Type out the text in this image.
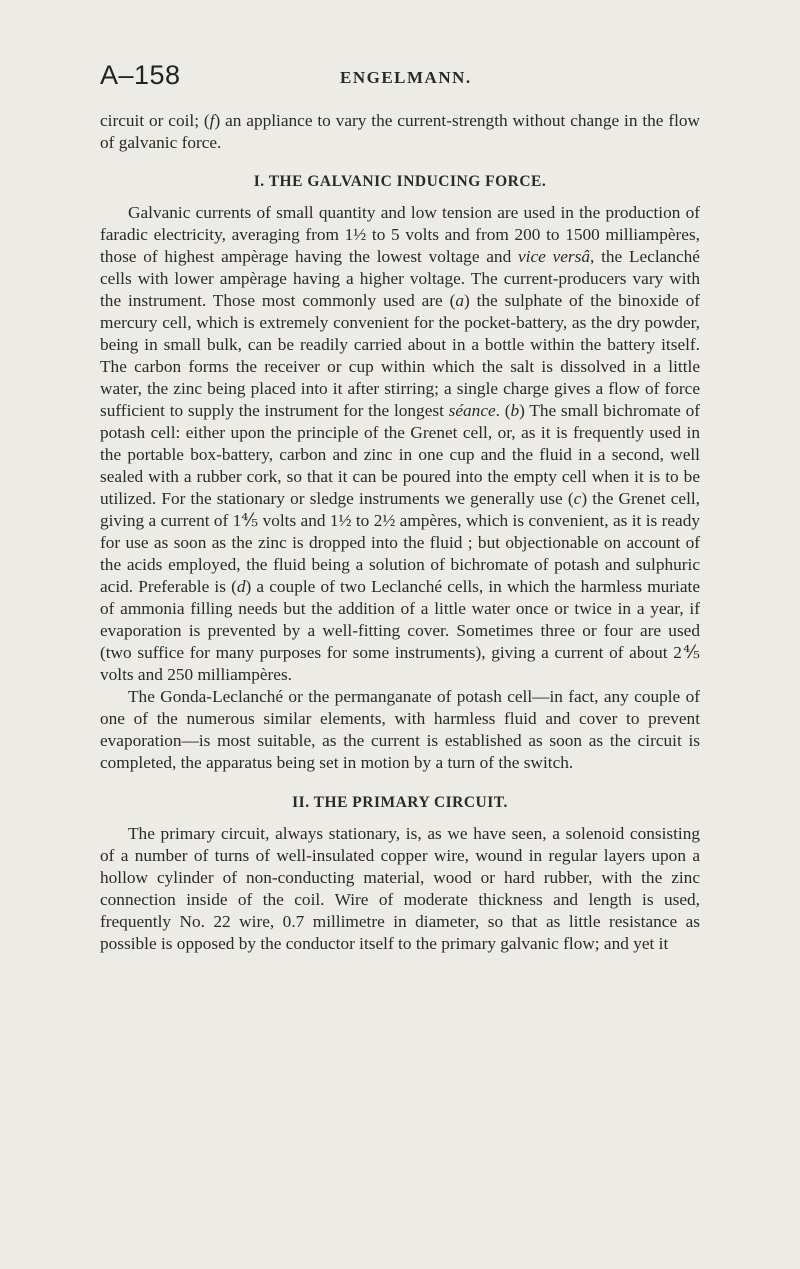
A–158	ENGELMANN.

circuit or coil; (f) an appliance to vary the current-strength without change in the flow of galvanic force.

I. THE GALVANIC INDUCING FORCE.

Galvanic currents of small quantity and low tension are used in the production of faradic electricity, averaging from 1½ to 5 volts and from 200 to 1500 milliampères, those of highest ampèrage having the lowest voltage and vice versâ, the Leclanché cells with lower ampèrage having a higher voltage. The current-producers vary with the instrument. Those most commonly used are (a) the sulphate of the binoxide of mercury cell, which is extremely convenient for the pocket-battery, as the dry powder, being in small bulk, can be readily carried about in a bottle within the battery itself. The carbon forms the receiver or cup within which the salt is dissolved in a little water, the zinc being placed into it after stirring; a single charge gives a flow of force sufficient to supply the instrument for the longest séance. (b) The small bichromate of potash cell: either upon the principle of the Grenet cell, or, as it is frequently used in the portable box-battery, carbon and zinc in one cup and the fluid in a second, well sealed with a rubber cork, so that it can be poured into the empty cell when it is to be utilized. For the stationary or sledge instruments we generally use (c) the Grenet cell, giving a current of 1⅘ volts and 1½ to 2½ ampères, which is convenient, as it is ready for use as soon as the zinc is dropped into the fluid ; but objectionable on account of the acids employed, the fluid being a solution of bichromate of potash and sulphuric acid. Preferable is (d) a couple of two Leclanché cells, in which the harmless muriate of ammonia filling needs but the addition of a little water once or twice in a year, if evaporation is prevented by a well-fitting cover. Sometimes three or four are used (two suffice for many purposes for some instruments), giving a current of about 2⅘ volts and 250 milliampères.

The Gonda-Leclanché or the permanganate of potash cell—in fact, any couple of one of the numerous similar elements, with harmless fluid and cover to prevent evaporation—is most suitable, as the current is established as soon as the circuit is completed, the apparatus being set in motion by a turn of the switch.

II. THE PRIMARY CIRCUIT.

The primary circuit, always stationary, is, as we have seen, a solenoid consisting of a number of turns of well-insulated copper wire, wound in regular layers upon a hollow cylinder of non-conducting material, wood or hard rubber, with the zinc connection inside of the coil. Wire of moderate thickness and length is used, frequently No. 22 wire, 0.7 millimetre in diameter, so that as little resistance as possible is opposed by the conductor itself to the primary galvanic flow; and yet it
